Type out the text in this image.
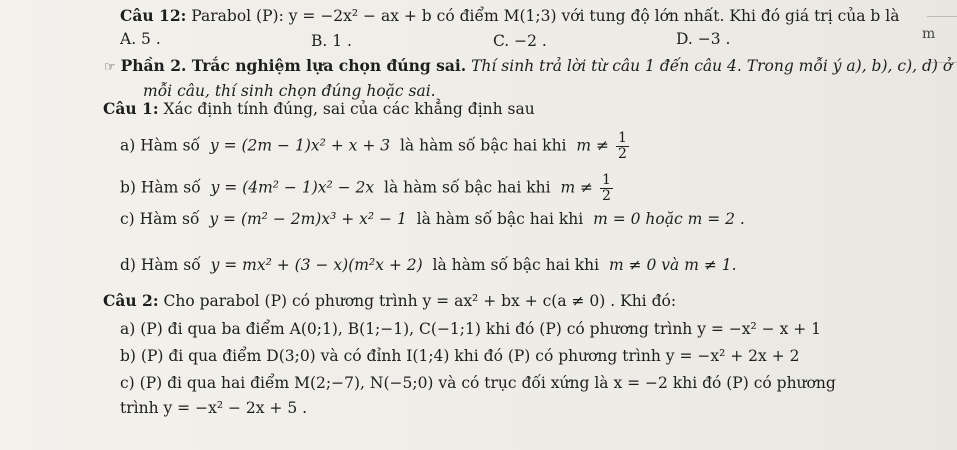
Câu 12: Parabol (P): y = −2x² − ax + b có điểm M(1;3) với tung độ lớn nhất. Khi đó giá trị của b là
A. 5 .	B. 1 .	C. −2 .	D. −3 .	m
☞ Phần 2. Trắc nghiệm lựa chọn đúng sai. Thí sinh trả lời từ câu 1 đến câu 4. Trong mỗi ý a), b), c), d) ở
mỗi câu, thí sinh chọn đúng hoặc sai.
Câu 1: Xác định tính đúng, sai của các khẳng định sau
a) Hàm số y = (2m − 1)x² + x + 3 là hàm số bậc hai khi $m \ne \frac{1}{2}$
b) Hàm số y = (4m² − 1)x² − 2x là hàm số bậc hai khi $m \ne \frac{1}{2}$
c) Hàm số y = (m² − 2m)x³ + x² − 1 là hàm số bậc hai khi m = 0 hoặc m = 2 .
d) Hàm số y = mx² + (3 − x)(m²x + 2) là hàm số bậc hai khi m ≠ 0 và m ≠ 1.
Câu 2: Cho parabol (P) có phương trình y = ax² + bx + c(a ≠ 0) . Khi đó:
a) (P) đi qua ba điểm A(0;1), B(1;−1), C(−1;1) khi đó (P) có phương trình y = −x² − x + 1
b) (P) đi qua điểm D(3;0) và có đỉnh I(1;4) khi đó (P) có phương trình y = −x² + 2x + 2
c) (P) đi qua hai điểm M(2;−7), N(−5;0) và có trục đối xứng là x = −2 khi đó (P) có phương
trình y = −x² − 2x + 5 .
